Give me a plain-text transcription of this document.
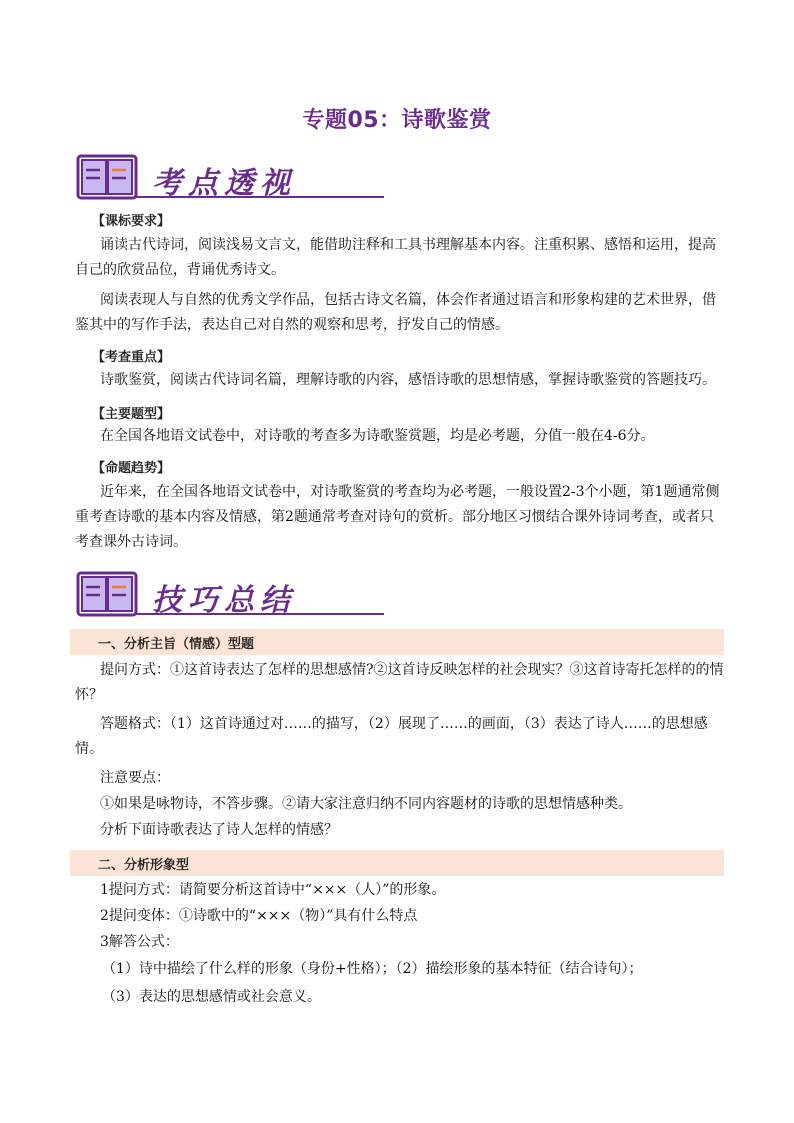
专题05：诗歌鉴赏
考点透视
【课标要求】
诵读古代诗词，阅读浅易文言文，能借助注释和工具书理解基本内容。注重积累、感悟和运用，提高自己的欣赏品位，背诵优秀诗文。
阅读表现人与自然的优秀文学作品，包括古诗文名篇，体会作者通过语言和形象构建的艺术世界，借鉴其中的写作手法，表达自己对自然的观察和思考，抒发自己的情感。
【考查重点】
诗歌鉴赏，阅读古代诗词名篇，理解诗歌的内容，感悟诗歌的思想情感，掌握诗歌鉴赏的答题技巧。
【主要题型】
在全国各地语文试卷中，对诗歌的考查多为诗歌鉴赏题，均是必考题，分值一般在4-6分。
【命题趋势】
近年来，在全国各地语文试卷中，对诗歌鉴赏的考查均为必考题，一般设置2-3个小题，第1题通常侧重考查诗歌的基本内容及情感，第2题通常考查对诗句的赏析。部分地区习惯结合课外诗词考查，或者只考查课外古诗词。
技巧总结
一、分析主旨（情感）型题
提问方式：①这首诗表达了怎样的思想感情?②这首诗反映怎样的社会现实？③这首诗寄托怎样的的情怀？
答题格式：（1）这首诗通过对……的描写，（2）展现了……的画面，（3）表达了诗人……的思想感情。
注意要点：
①如果是咏物诗，不答步骤。②请大家注意归纳不同内容题材的诗歌的思想情感种类。
分析下面诗歌表达了诗人怎样的情感？
二、分析形象型
1提问方式：请简要分析这首诗中“×××（人）”的形象。
2提问变体：①诗歌中的“×××（物）”具有什么特点
3解答公式：
（1）诗中描绘了什么样的形象（身份+性格）；（2）描绘形象的基本特征（结合诗句）；
（3）表达的思想感情或社会意义。
